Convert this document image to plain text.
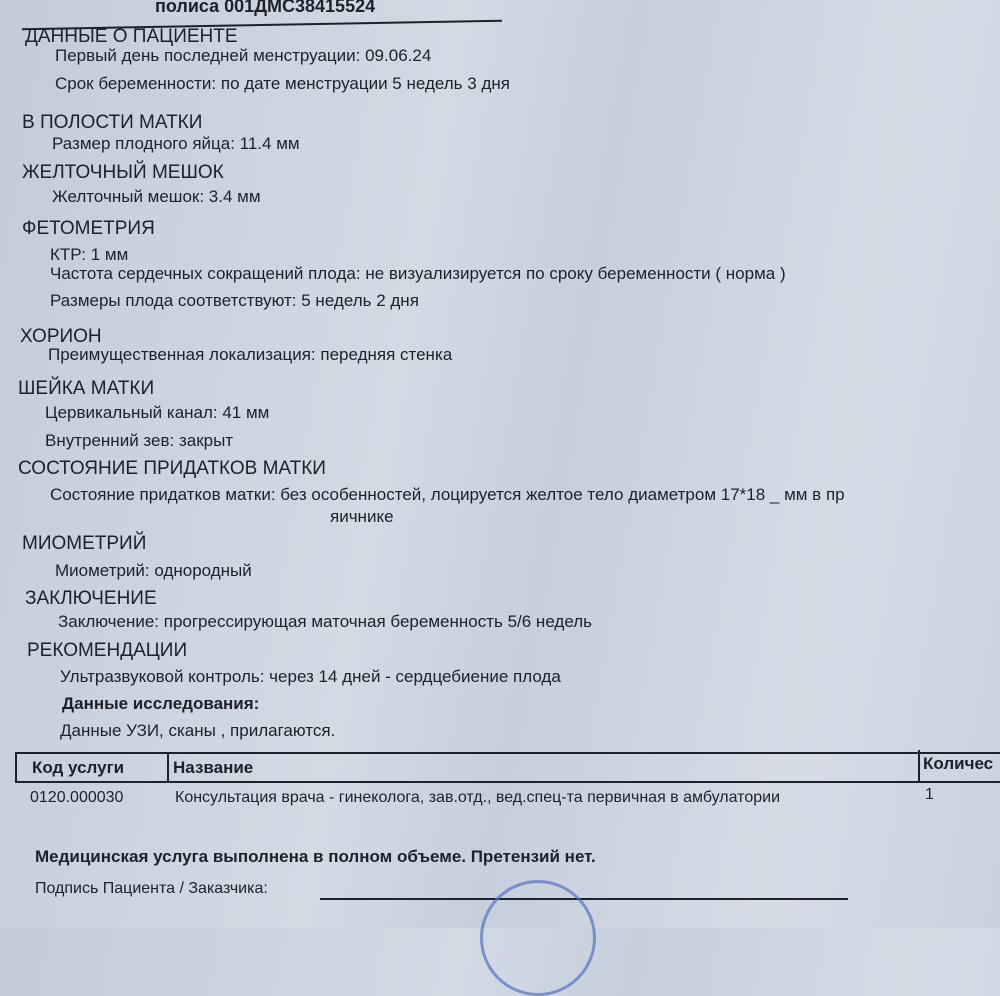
полиса 001ДМС38415524
ДАННЫЕ О ПАЦИЕНТЕ
Первый день последней менструации: 09.06.24
Срок беременности: по дате менструации 5 недель 3 дня
В ПОЛОСТИ МАТКИ
Размер плодного яйца: 11.4 мм
ЖЕЛТОЧНЫЙ МЕШОК
Желточный мешок: 3.4 мм
ФЕТОМЕТРИЯ
КТР: 1 мм
Частота сердечных сокращений плода: не визуализируется по сроку беременности ( норма )
Размеры плода соответствуют: 5 недель 2 дня
ХОРИОН
Преимущественная локализация: передняя стенка
ШЕЙКА МАТКИ
Цервикальный канал: 41 мм
Внутренний зев: закрыт
СОСТОЯНИЕ ПРИДАТКОВ МАТКИ
Состояние придатков матки: без особенностей, лоцируется желтое тело диаметром 17*18 _ мм в пр
яичнике
МИОМЕТРИЙ
Миометрий: однородный
ЗАКЛЮЧЕНИЕ
Заключение: прогрессирующая маточная беременность 5/6 недель
РЕКОМЕНДАЦИИ
Ультразвуковой контроль: через 14 дней - сердцебиение плода
Данные исследования:
Данные УЗИ, сканы , прилагаются.
Код услуги	Название	Количес
0120.000030	Консультация врача - гинеколога, зав.отд., вед.спец-та первичная в амбулатории	1
Медицинская услуга выполнена в полном объеме. Претензий нет.
Подпись Пациента / Заказчика:
